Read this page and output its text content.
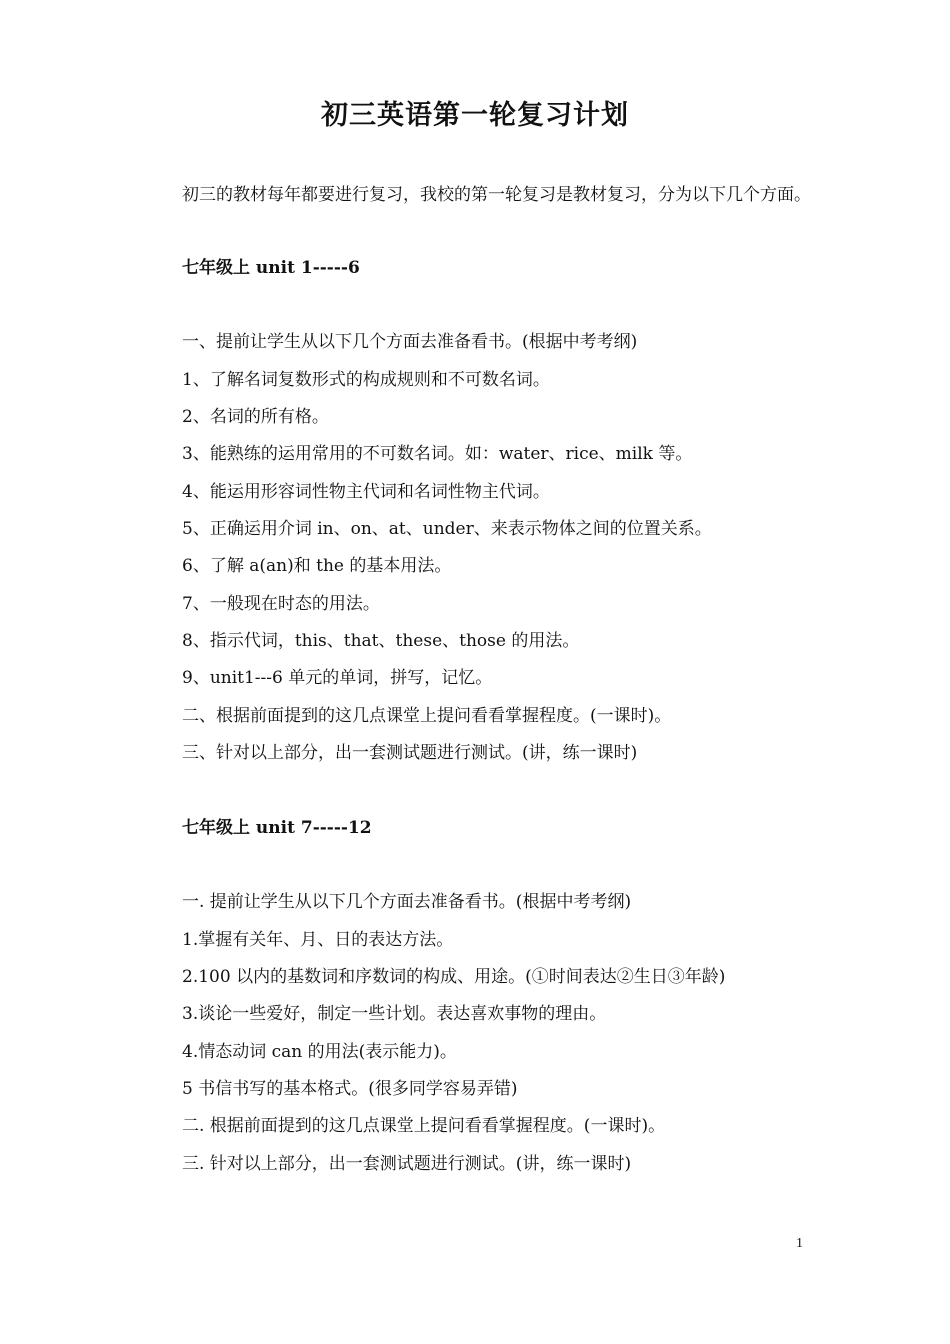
初三英语第一轮复习计划
初三的教材每年都要进行复习，我校的第一轮复习是教材复习，分为以下几个方面。
七年级上 unit 1-----6
一、提前让学生从以下几个方面去准备看书。(根据中考考纲)
1、了解名词复数形式的构成规则和不可数名词。
2、名词的所有格。
3、能熟练的运用常用的不可数名词。如：water、rice、milk 等。
4、能运用形容词性物主代词和名词性物主代词。
5、正确运用介词 in、on、at、under、来表示物体之间的位置关系。
6、了解 a(an)和 the 的基本用法。
7、一般现在时态的用法。
8、指示代词，this、that、these、those 的用法。
9、unit1---6 单元的单词，拼写，记忆。
二、根据前面提到的这几点课堂上提问看看掌握程度。(一课时)。
三、针对以上部分，出一套测试题进行测试。(讲，练一课时)
七年级上 unit 7-----12
一. 提前让学生从以下几个方面去准备看书。(根据中考考纲)
1.掌握有关年、月、日的表达方法。
2.100 以内的基数词和序数词的构成、用途。(①时间表达②生日③年龄)
3.谈论一些爱好，制定一些计划。表达喜欢事物的理由。
4.情态动词 can 的用法(表示能力)。
5 书信书写的基本格式。(很多同学容易弄错)
二. 根据前面提到的这几点课堂上提问看看掌握程度。(一课时)。
三. 针对以上部分，出一套测试题进行测试。(讲，练一课时)
1
